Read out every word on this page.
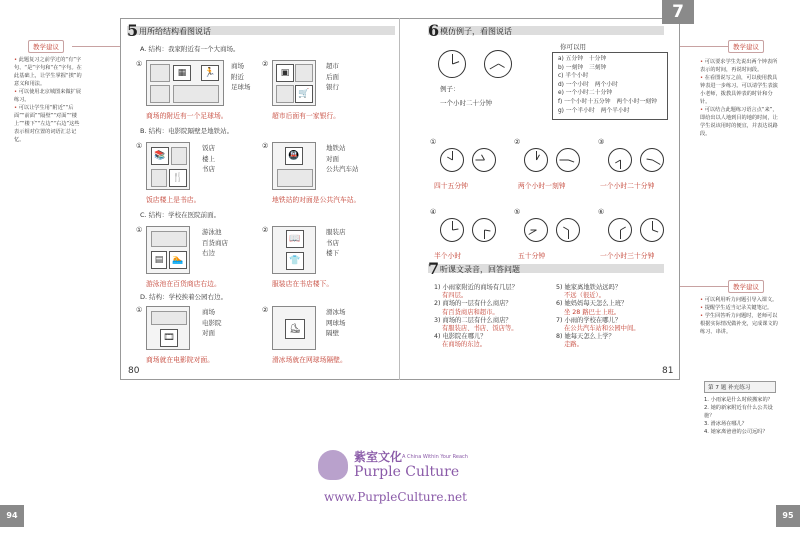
教学建议
• 此题复习之前学过的“有”字句、“是”字句和“在”字句。在此基础上，让学生掌握“挨”的意义和用法。
• 可以使用北京城图来做扩展练习。
• 可以让学生用“附近”“后面”“前面”“隔壁”“对面”“楼上”“楼下”“左边”“右边”这些表示相对位置的词语汇总记忆。
5 用所给结构看图说话
A. 结构：我家附近有一个大商场。
①
▦	🏃
商场
附近
足球场
商场的附近有一个足球场。
②
▣
🛒
超市
后面
银行
超市后面有一家银行。
B. 结构：电影院隔壁是地铁站。
①
📚
🍴
饭店
楼上
书店
饭店楼上是书店。
②
🚇
地铁站
对面
公共汽车站
地铁站的对面是公共汽车站。
C. 结构：学校在医院前面。
①
▤	🏊
游泳池
百货商店
右边
游泳池在百货商店右边。
②
📖
👕
服装店
书店
楼下
服装店在书店楼下。
D. 结构：学校挨着公园右边。
①
🎞
商场
电影院
对面
商场就在电影院对面。
②
⛸
滑冰场
网球场
隔壁
滑冰场就在网球场隔壁。
80
7
6 模仿例子，看图说话
例子：
一个小时二十分钟
你可以用
a) 五分钟　十分钟
b) 一刻钟　三刻钟
c) 半个小时
d) 一个小时　两个小时
e) 一个小时二十分钟
f) 一个小时十五分钟　两个小时一刻钟
g) 一个半小时　两个半小时
①
四十五分钟
②
两个小时一刻钟
③
一个小时二十分钟
④
半个小时
⑤
五十分钟
⑥
一个小时三十分钟
7 听课文录音，回答问题
1) 小雨家附近的商场有几层？
有四层。
2) 商场的一层有什么商店？
有百货商店和超市。
3) 商场的二层有什么商店？
有服装店、书店、饭店等。
4) 电影院在哪儿？
在商场的东边。
5) 她家离地铁站远吗？
不远（很近）。
6) 她妈妈每天怎么上班？
坐 28 路巴士上班。
7) 小雨的学校在哪儿？
在公共汽车站和公园中间。
8) 她每天怎么上学？
走路。
81
教学建议
• 可以要求学生先说出两个钟表所表示的时间，再说时间段。
• 在看图说写之前，可以使用教具钟表进一步练习。可以请学生表演小老师，拨教具钟表的时针和分针。
• 可以结合此题练习语言点“来”，即给出以人地到目的地的时间，让学生说该用时的便宜，并表达说路段。
教学建议
• 可以利用听力问题引导入课文。
• 提醒学生适当记录关键笔记。
• 学生回答听力问题时，老师可以根据实际情况做补充，完成课文的练习、串讲。
第 7 题 补充练习
1. 小雨家是什么时候搬家的？
2. 她的新家附近有什么公共设施？
3. 滑冰场在哪儿？
4. 她家离爸爸的公司远吗？
紫室文化 A China Within Your Reach
Purple Culture
www.PurpleCulture.net
94	95
